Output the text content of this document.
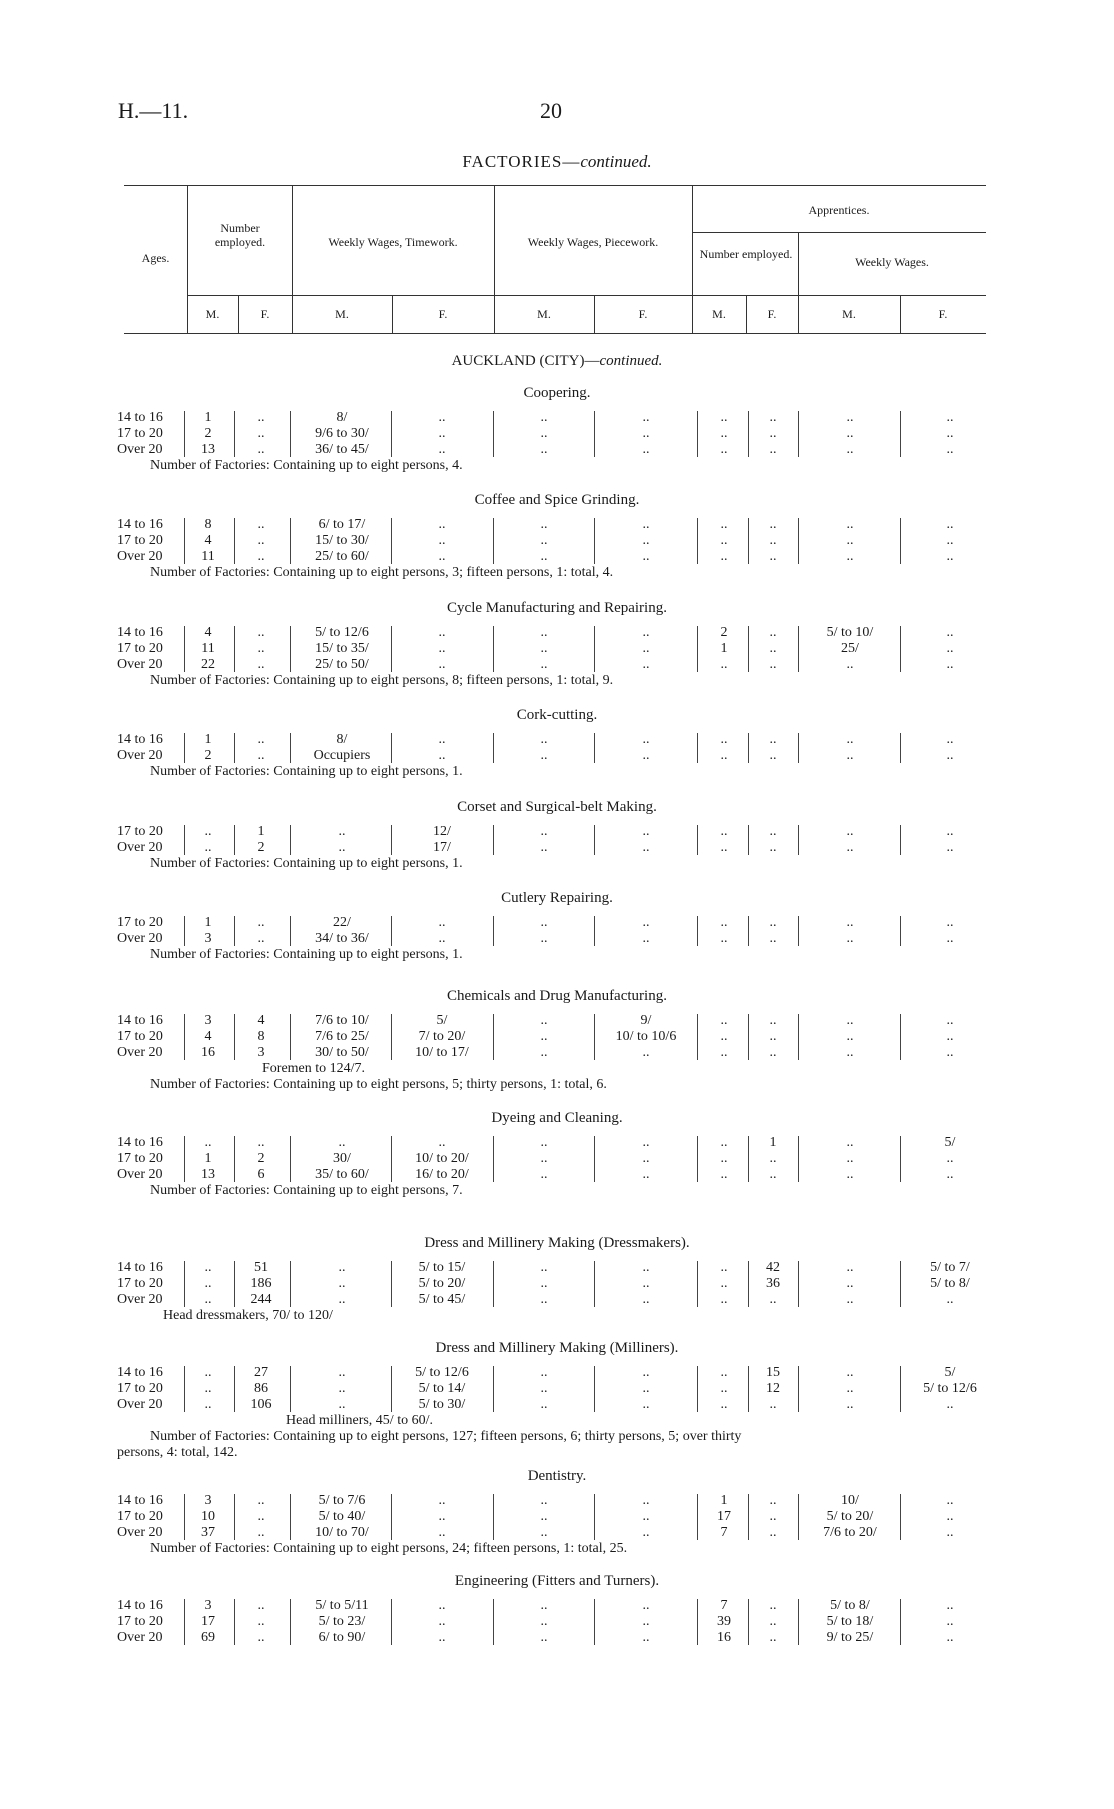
H.—11.	20
FACTORIES—continued.
Ages.
Number employed.	Weekly Wages, Timework.	Weekly Wages, Piecework.
Apprentices.
Number employed.
Weekly Wages.
M.	F.	M.	F.	M.	F.	M.	F.	M.	F.
AUCKLAND (CITY)—continued.
Coopering.
14 to 16	1	..	8/	..	..	..	..	..	..	..
17 to 20	2	..	9/6 to 30/	..	..	..	..	..	..	..
Over 20	13	..	36/ to 45/	..	..	..	..	..	..	..
Number of Factories: Containing up to eight persons, 4.
Coffee and Spice Grinding.
14 to 16	8	..	6/ to 17/	..	..	..	..	..	..	..
17 to 20	4	..	15/ to 30/	..	..	..	..	..	..	..
Over 20	11	..	25/ to 60/	..	..	..	..	..	..	..
Number of Factories: Containing up to eight persons, 3; fifteen persons, 1: total, 4.
Cycle Manufacturing and Repairing.
14 to 16	4	..	5/ to 12/6	..	..	..	2	..	5/ to 10/	..
17 to 20	11	..	15/ to 35/	..	..	..	1	..	25/	..
Over 20	22	..	25/ to 50/	..	..	..	..	..	..	..
Number of Factories: Containing up to eight persons, 8; fifteen persons, 1: total, 9.
Cork-cutting.
14 to 16	1	..	8/	..	..	..	..	..	..	..
Over 20	2	..	Occupiers	..	..	..	..	..	..	..
Number of Factories: Containing up to eight persons, 1.
Corset and Surgical-belt Making.
17 to 20	..	1	..	12/	..	..	..	..	..	..
Over 20	..	2	..	17/	..	..	..	..	..	..
Number of Factories: Containing up to eight persons, 1.
Cutlery Repairing.
17 to 20	1	..	22/	..	..	..	..	..	..	..
Over 20	3	..	34/ to 36/	..	..	..	..	..	..	..
Number of Factories: Containing up to eight persons, 1.
Chemicals and Drug Manufacturing.
14 to 16	3	4	7/6 to 10/	5/	..	9/	..	..	..	..
17 to 20	4	8	7/6 to 25/	7/ to 20/	..	10/ to 10/6	..	..	..	..
Over 20	16	3	30/ to 50/	10/ to 17/	..	..	..	..	..	..
Foremen to 124/7.
Number of Factories: Containing up to eight persons, 5; thirty persons, 1: total, 6.
Dyeing and Cleaning.
14 to 16	..	..	..	..	..	..	..	1	..	5/
17 to 20	1	2	30/	10/ to 20/	..	..	..	..	..	..
Over 20	13	6	35/ to 60/	16/ to 20/	..	..	..	..	..	..
Number of Factories: Containing up to eight persons, 7.
Dress and Millinery Making (Dressmakers).
14 to 16	..	51	..	5/ to 15/	..	..	..	42	..	5/ to 7/
17 to 20	..	186	..	5/ to 20/	..	..	..	36	..	5/ to 8/
Over 20	..	244	..	5/ to 45/	..	..	..	..	..	..
Head dressmakers, 70/ to 120/
Dress and Millinery Making (Milliners).
14 to 16	..	27	..	5/ to 12/6	..	..	..	15	..	5/
17 to 20	..	86	..	5/ to 14/	..	..	..	12	..	5/ to 12/6
Over 20	..	106	..	5/ to 30/	..	..	..	..	..	..
Head milliners, 45/ to 60/.
Number of Factories: Containing up to eight persons, 127; fifteen persons, 6; thirty persons, 5; over thirty
persons, 4: total, 142.
Dentistry.
14 to 16	3	..	5/ to 7/6	..	..	..	1	..	10/	..
17 to 20	10	..	5/ to 40/	..	..	..	17	..	5/ to 20/	..
Over 20	37	..	10/ to 70/	..	..	..	7	..	7/6 to 20/	..
Number of Factories: Containing up to eight persons, 24; fifteen persons, 1: total, 25.
Engineering (Fitters and Turners).
14 to 16	3	..	5/ to 5/11	..	..	..	7	..	5/ to 8/	..
17 to 20	17	..	5/ to 23/	..	..	..	39	..	5/ to 18/	..
Over 20	69	..	6/ to 90/	..	..	..	16	..	9/ to 25/	..
